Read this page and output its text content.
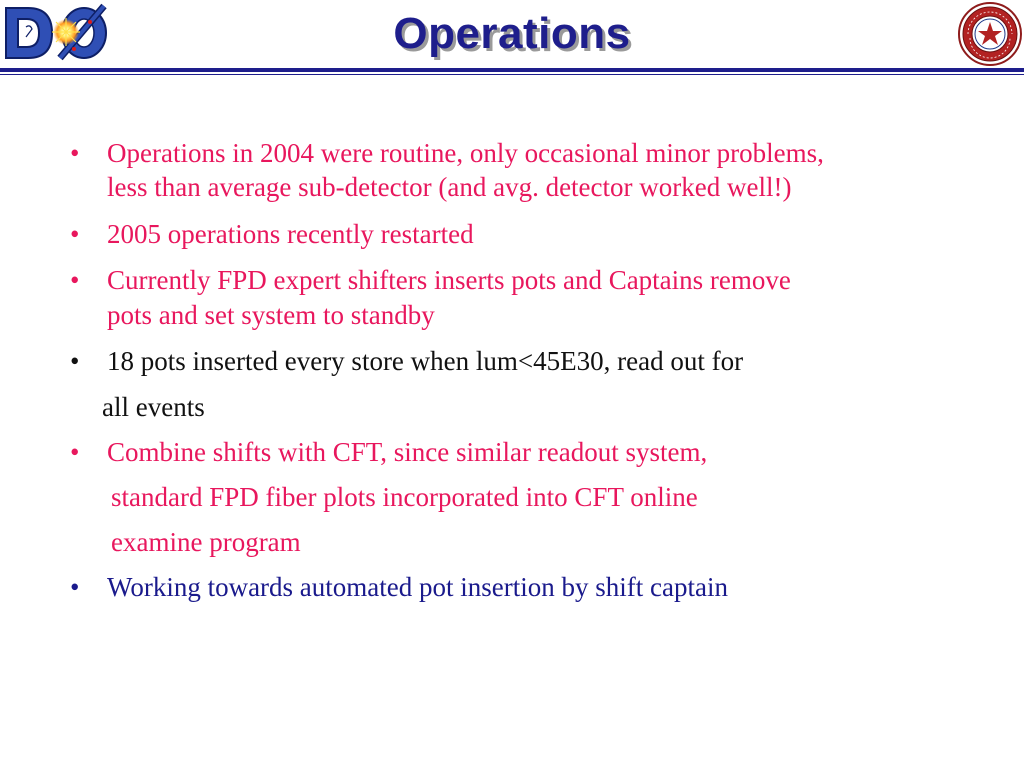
Operations
• Operations in 2004 were routine, only occasional minor problems,
less than average sub-detector (and avg. detector worked well!)
• 2005 operations recently restarted
• Currently FPD expert shifters inserts pots and Captains remove
pots and set system to standby
• 18 pots inserted every store when lum<45E30, read out for
all events
• Combine shifts with CFT, since similar readout system,
standard FPD fiber plots incorporated into CFT online
examine program
• Working towards automated pot insertion by shift captain
